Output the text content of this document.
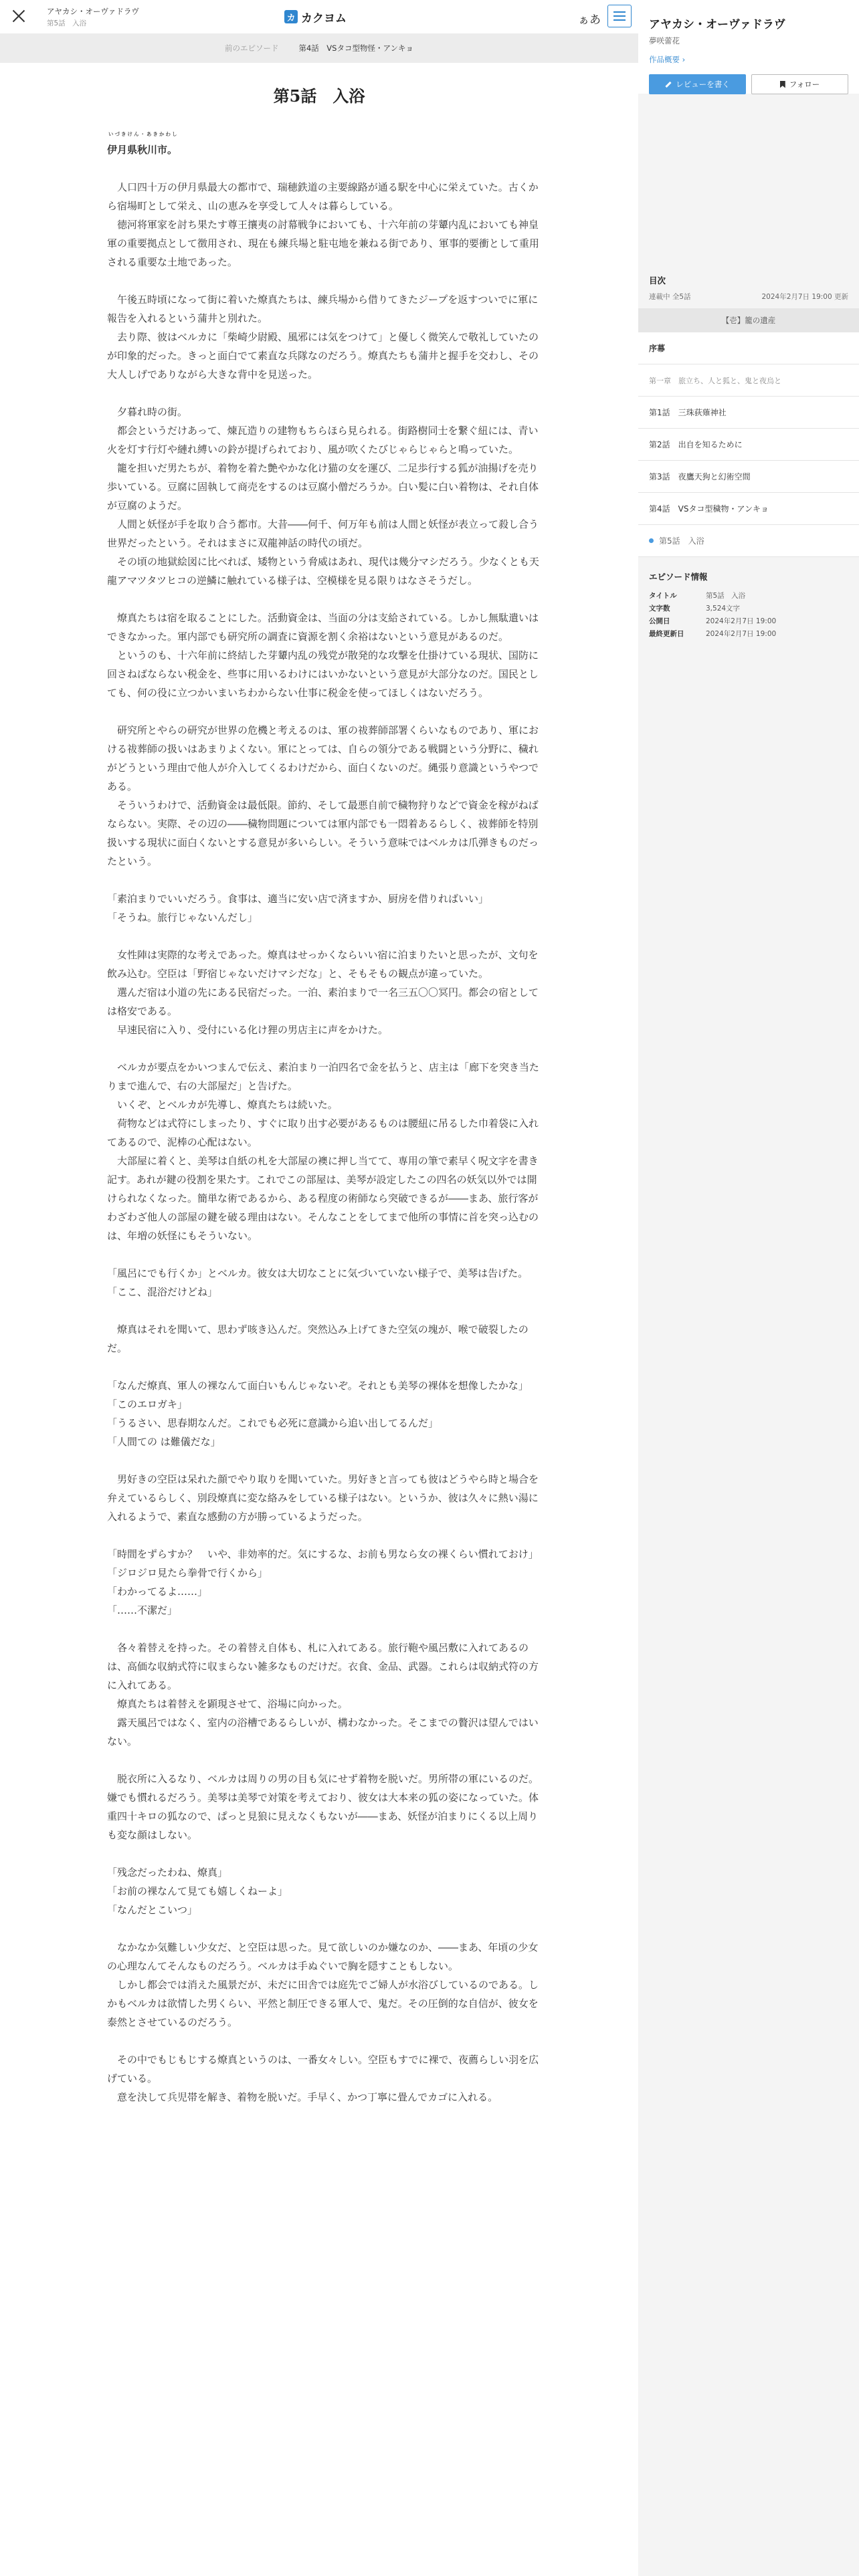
アヤカシ・オーヴァドラヴ
第5話　入浴
カ カクヨム	ぁあ
前のエピソード	第4話　VSタコ型物怪・アンキョ
第5話　入浴

いづきけん・あきかわし
伊月県秋川市。

　人口四十万の伊月県最大の都市で、瑞穂鉄道の主要線路が通る駅を中心に栄えていた。古くから宿場町として栄え、山の恵みを享受して人々は暮らしている。

　徳河将軍家を討ち果たす尊王攘夷の討幕戦争においても、十六年前の芽顰内乱においても神皇軍の重要拠点として徴用され、現在も練兵場と駐屯地を兼ねる街であり、軍事的要衝として重用される重要な土地であった。

　午後五時頃になって街に着いた燎真たちは、練兵場から借りてきたジープを返すついでに軍に報告を入れるという蒲井と別れた。

　去り際、彼はベルカに「柴崎少尉殿、風邪には気をつけて」と優しく微笑んで敬礼していたのが印象的だった。きっと面白でて素直な兵隊なのだろう。燎真たちも蒲井と握手を交わし、その大人しげでありながら大きな背中を見送った。

　夕暮れ時の街。

　都会というだけあって、煉瓦造りの建物もちらほら見られる。街路樹同士を繋ぐ紐には、青い火を灯す行灯や縺れ縛いの鈴が提げられており、風が吹くたびじゃらじゃらと鳴っていた。

　籠を担いだ男たちが、着物を着た艶やかな化け猫の女を運び、二足歩行する狐が油揚げを売り歩いている。豆腐に固執して商売をするのは豆腐小僧だろうか。白い髪に白い着物は、それ自体が豆腐のようだ。

　人間と妖怪が手を取り合う都市。大昔――何千、何万年も前は人間と妖怪が表立って殺し合う世界だったという。それはまさに双龍神話の時代の頃だ。

　その頃の地獄絵図に比べれば、矮物という脅威はあれ、現代は幾分マシだろう。少なくとも天龍アマツタツヒコの逆鱗に触れている様子は、空模様を見る限りはなさそうだし。

　燎真たちは宿を取ることにした。活動資金は、当面の分は支給されている。しかし無駄遣いはできなかった。軍内部でも研究所の調査に資源を割く余裕はないという意見があるのだ。

　というのも、十六年前に終結した芽顰内乱の残党が散発的な攻撃を仕掛けている現状、国防に回さねばならない税金を、些事に用いるわけにはいかないという意見が大部分なのだ。国民としても、何の役に立つかいまいちわからない仕事に税金を使ってほしくはないだろう。

　研究所とやらの研究が世界の危機と考えるのは、軍の祓葬師部署くらいなものであり、軍における祓葬師の扱いはあまりよくない。軍にとっては、自らの領分である戦闘という分野に、穢れがどうという理由で他人が介入してくるわけだから、面白くないのだ。縄張り意識というやつである。

　そういうわけで、活動資金は最低限。節約、そして最悪自前で穢物狩りなどで資金を稼がねばならない。実際、その辺の――穢物問題については軍内部でも一悶着あるらしく、祓葬師を特別扱いする現状に面白くないとする意見が多いらしい。そういう意味ではベルカは爪弾きものだったという。

「素泊まりでいいだろう。食事は、適当に安い店で済ますか、厨房を借りればいい」

「そうね。旅行じゃないんだし」

　女性陣は実際的な考えであった。燎真はせっかくならいい宿に泊まりたいと思ったが、文句を飲み込む。空臣は「野宿じゃないだけマシだな」と、そもそもの観点が違っていた。

　選んだ宿は小道の先にある民宿だった。一泊、素泊まりで一名三五〇〇冥円。都会の宿としては格安である。

　早速民宿に入り、受付にいる化け狸の男店主に声をかけた。

　ベルカが要点をかいつまんで伝え、素泊まり一泊四名で金を払うと、店主は「廊下を突き当たりまで進んで、右の大部屋だ」と告げた。

　いくぞ、とベルカが先導し、燎真たちは続いた。

　荷物などは式符にしまったり、すぐに取り出す必要があるものは腰紐に吊るした巾着袋に入れてあるので、泥棒の心配はない。

　大部屋に着くと、美琴は自紙の札を大部屋の襖に押し当てて、専用の筆で素早く呪文字を書き記す。あれが鍵の役割を果たす。これでこの部屋は、美琴が設定したこの四名の妖気以外では開けられなくなった。簡単な術であるから、ある程度の術師なら突破できるが――まあ、旅行客がわざわざ他人の部屋の鍵を破る理由はない。そんなことをしてまで他所の事情に首を突っ込むのは、年増の妖怪にもそういない。

「風呂にでも行くか」とベルカ。彼女は大切なことに気づいていない様子で、美琴は告げた。「ここ、混浴だけどね」

　燎真はそれを聞いて、思わず咳き込んだ。突然込み上げてきた空気の塊が、喉で破裂したのだ。

「なんだ燎真、軍人の裸なんて面白いもんじゃないぞ。それとも美琴の裸体を想像したかな」

「このエロガキ」

「うるさい、思春期なんだ。これでも必死に意識から追い出してるんだ」

「人間ての は難儀だな」

　男好きの空臣は呆れた顔でやり取りを聞いていた。男好きと言っても彼はどうやら時と場合を弁えているらしく、別段燎真に変な絡みをしている様子はない。というか、彼は久々に熱い湯に入れるようで、素直な感動の方が勝っているようだった。

「時間をずらすか？　いや、非効率的だ。気にするな、お前も男なら女の裸くらい慣れておけ」

「ジロジロ見たら拳骨で行くから」

「わかってるよ……」

「……不潔だ」

　各々着替えを持った。その着替え自体も、札に入れてある。旅行鞄や風呂敷に入れてあるのは、高価な収納式符に収まらない雑多なものだけだ。衣食、金品、武器。これらは収納式符の方に入れてある。

　燎真たちは着替えを顕現させて、浴場に向かった。

　露天風呂ではなく、室内の浴槽であるらしいが、構わなかった。そこまでの贅沢は望んではいない。

　脱衣所に入るなり、ベルカは周りの男の目も気にせず着物を脱いだ。男所帯の軍にいるのだ。嫌でも慣れるだろう。美琴は美琴で対策を考えており、彼女は大本来の狐の姿になっていた。体重四十キロの狐なので、ぱっと見狼に見えなくもないが――まあ、妖怪が泊まりにくる以上周りも変な顔はしない。

「残念だったわね、燎真」

「お前の裸なんて見ても嬉しくねーよ」

「なんだとこいつ」

　なかなか気難しい少女だ、と空臣は思った。見て欲しいのか嫌なのか、――まあ、年頃の少女の心理なんてそんなものだろう。ベルカは手ぬぐいで胸を隠すこともしない。

　しかし都会では消えた風景だが、未だに田舎では庭先でご婦人が水浴びしているのである。しかもベルカは欲情した男くらい、平然と制圧できる軍人で、鬼だ。その圧倒的な自信が、彼女を泰然とさせているのだろう。

　その中でもじもじする燎真というのは、一番女々しい。空臣もすでに裸で、夜薦らしい羽を広げている。

　意を決して兵児帯を解き、着物を脱いだ。手早く、かつ丁寧に畳んでカゴに入れる。

アヤカシ・オーヴァドラヴ
夢咲蕾花
作品概要 ›
レビューを書く	フォロー
目次
連載中 全5話	2024年2月7日 19:00 更新
【壱】籠の遺産
序幕
第一章　旅立ち、人と狐と、鬼と夜烏と
第1話　三珠荻薙神社
第2話　出自を知るために
第3話　夜鷹天狗と幻術空間
第4話　VSタコ型穢物・アンキョ
第5話　入浴
エピソード情報
タイトル	第5話　入浴
文字数	3,524文字
公開日	2024年2月7日 19:00
最終更新日	2024年2月7日 19:00
